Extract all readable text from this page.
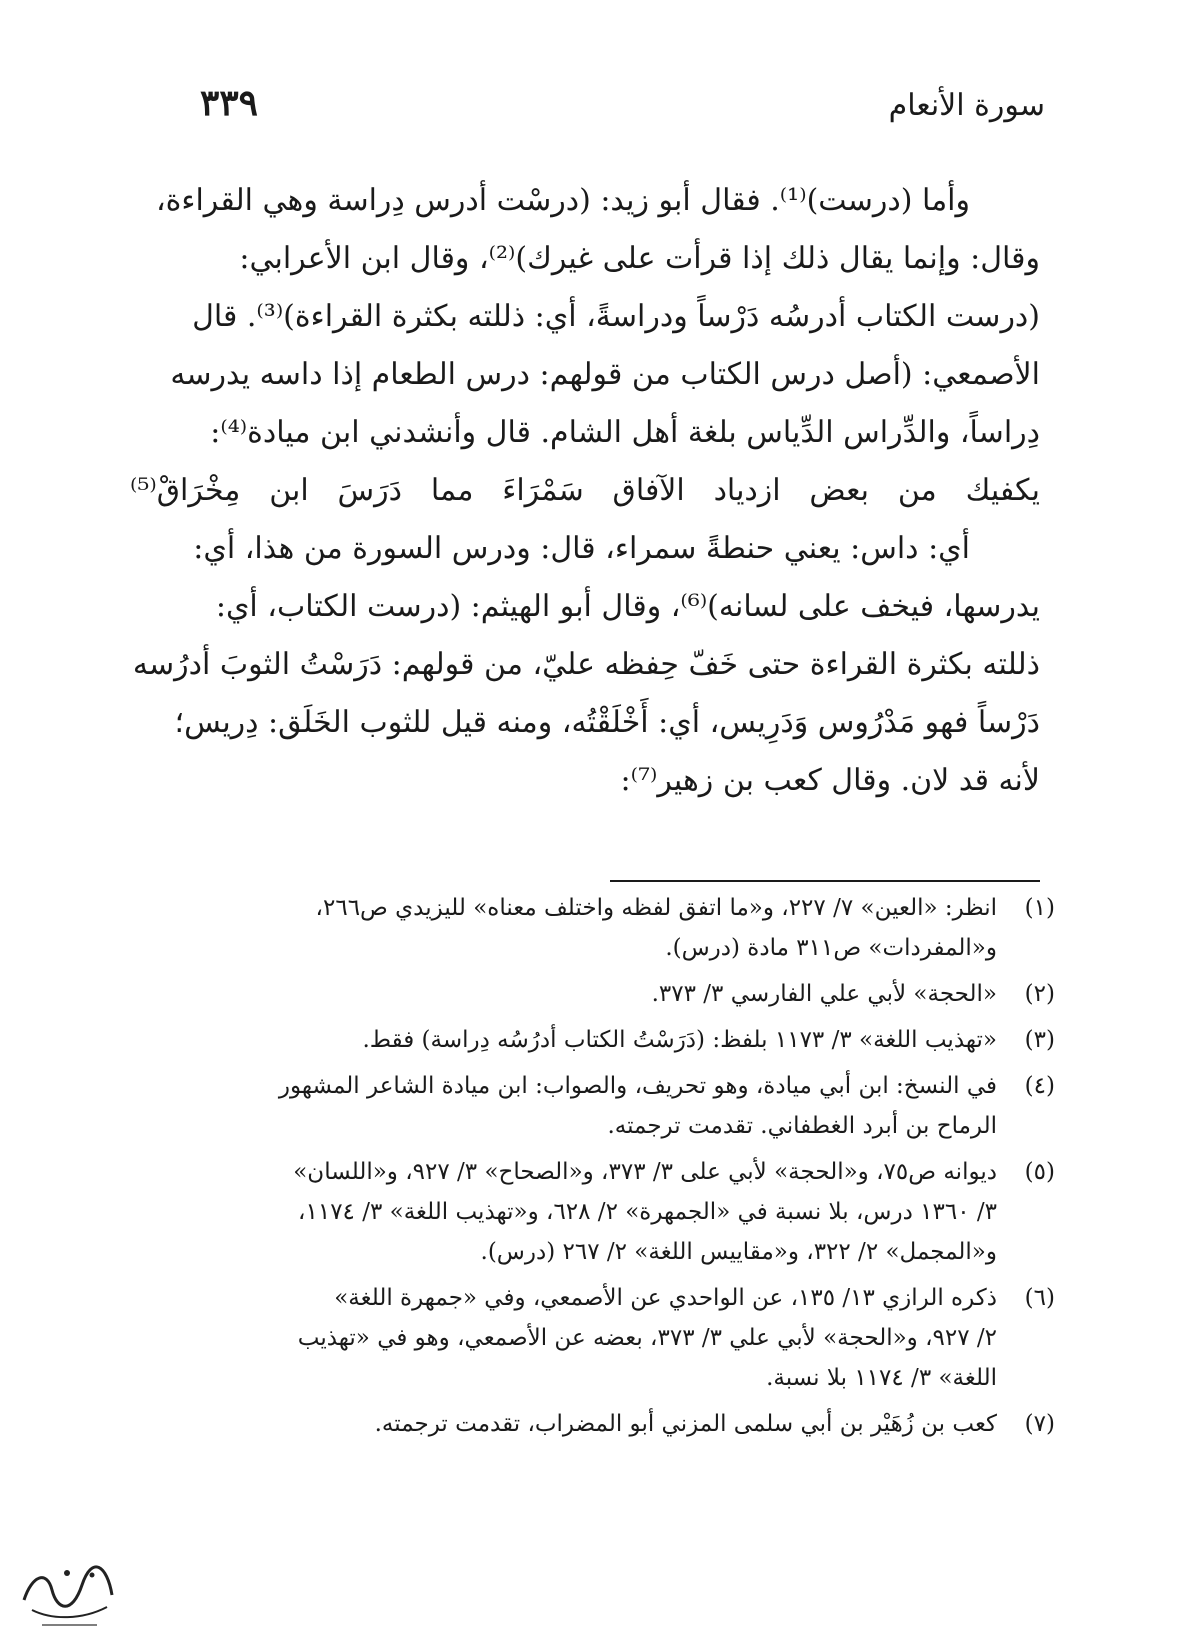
سورة الأنعام
٣٣٩
وأما (درست)⁽¹⁾. فقال أبو زيد: (درسْت أدرس دِراسة وهي القراءة،
وقال: وإنما يقال ذلك إذا قرأت على غيرك)⁽²⁾، وقال ابن الأعرابي:
(درست الكتاب أدرسُه دَرْساً ودراسةً، أي: ذللته بكثرة القراءة)⁽³⁾. قال
الأصمعي: (أصل درس الكتاب من قولهم: درس الطعام إذا داسه يدرسه
دِراساً، والدِّراس الدِّياس بلغة أهل الشام. قال وأنشدني ابن ميادة⁽⁴⁾:
يكفيك من بعض ازدياد الآفاق سَمْرَاءَ مما دَرَسَ ابن مِخْرَاقْ⁽⁵⁾
أي: داس: يعني حنطةً سمراء، قال: ودرس السورة من هذا، أي:
يدرسها، فيخف على لسانه)⁽⁶⁾، وقال أبو الهيثم: (درست الكتاب، أي:
ذللته بكثرة القراءة حتى خَفّ حِفظه عليّ، من قولهم: دَرَسْتُ الثوبَ أدرُسه
دَرْساً فهو مَدْرُوس وَدَرِيس، أي: أَخْلَقْتُه، ومنه قيل للثوب الخَلَق: دِريس؛
لأنه قد لان. وقال كعب بن زهير⁽⁷⁾:
(١)
انظر: «العين» ٧/ ٢٢٧، و«ما اتفق لفظه واختلف معناه» لليزيدي ص٢٦٦،
و«المفردات» ص٣١١ مادة (درس).
(٢)
«الحجة» لأبي علي الفارسي ٣/ ٣٧٣.
(٣)
«تهذيب اللغة» ٣/ ١١٧٣ بلفظ: (دَرَسْتُ الكتاب أدرُسُه دِراسة) فقط.
(٤)
في النسخ: ابن أبي ميادة، وهو تحريف، والصواب: ابن ميادة الشاعر المشهور
الرماح بن أبرد الغطفاني. تقدمت ترجمته.
(٥)
ديوانه ص٧٥، و«الحجة» لأبي على ٣/ ٣٧٣، و«الصحاح» ٣/ ٩٢٧، و«اللسان»
٣/ ١٣٦٠ درس، بلا نسبة في «الجمهرة» ٢/ ٦٢٨، و«تهذيب اللغة» ٣/ ١١٧٤،
و«المجمل» ٢/ ٣٢٢، و«مقاييس اللغة» ٢/ ٢٦٧ (درس).
(٦)
ذكره الرازي ١٣/ ١٣٥، عن الواحدي عن الأصمعي، وفي «جمهرة اللغة»
٢/ ٩٢٧، و«الحجة» لأبي علي ٣/ ٣٧٣، بعضه عن الأصمعي، وهو في «تهذيب
اللغة» ٣/ ١١٧٤ بلا نسبة.
(٧)
كعب بن زُهَيْر بن أبي سلمى المزني أبو المضراب، تقدمت ترجمته.
